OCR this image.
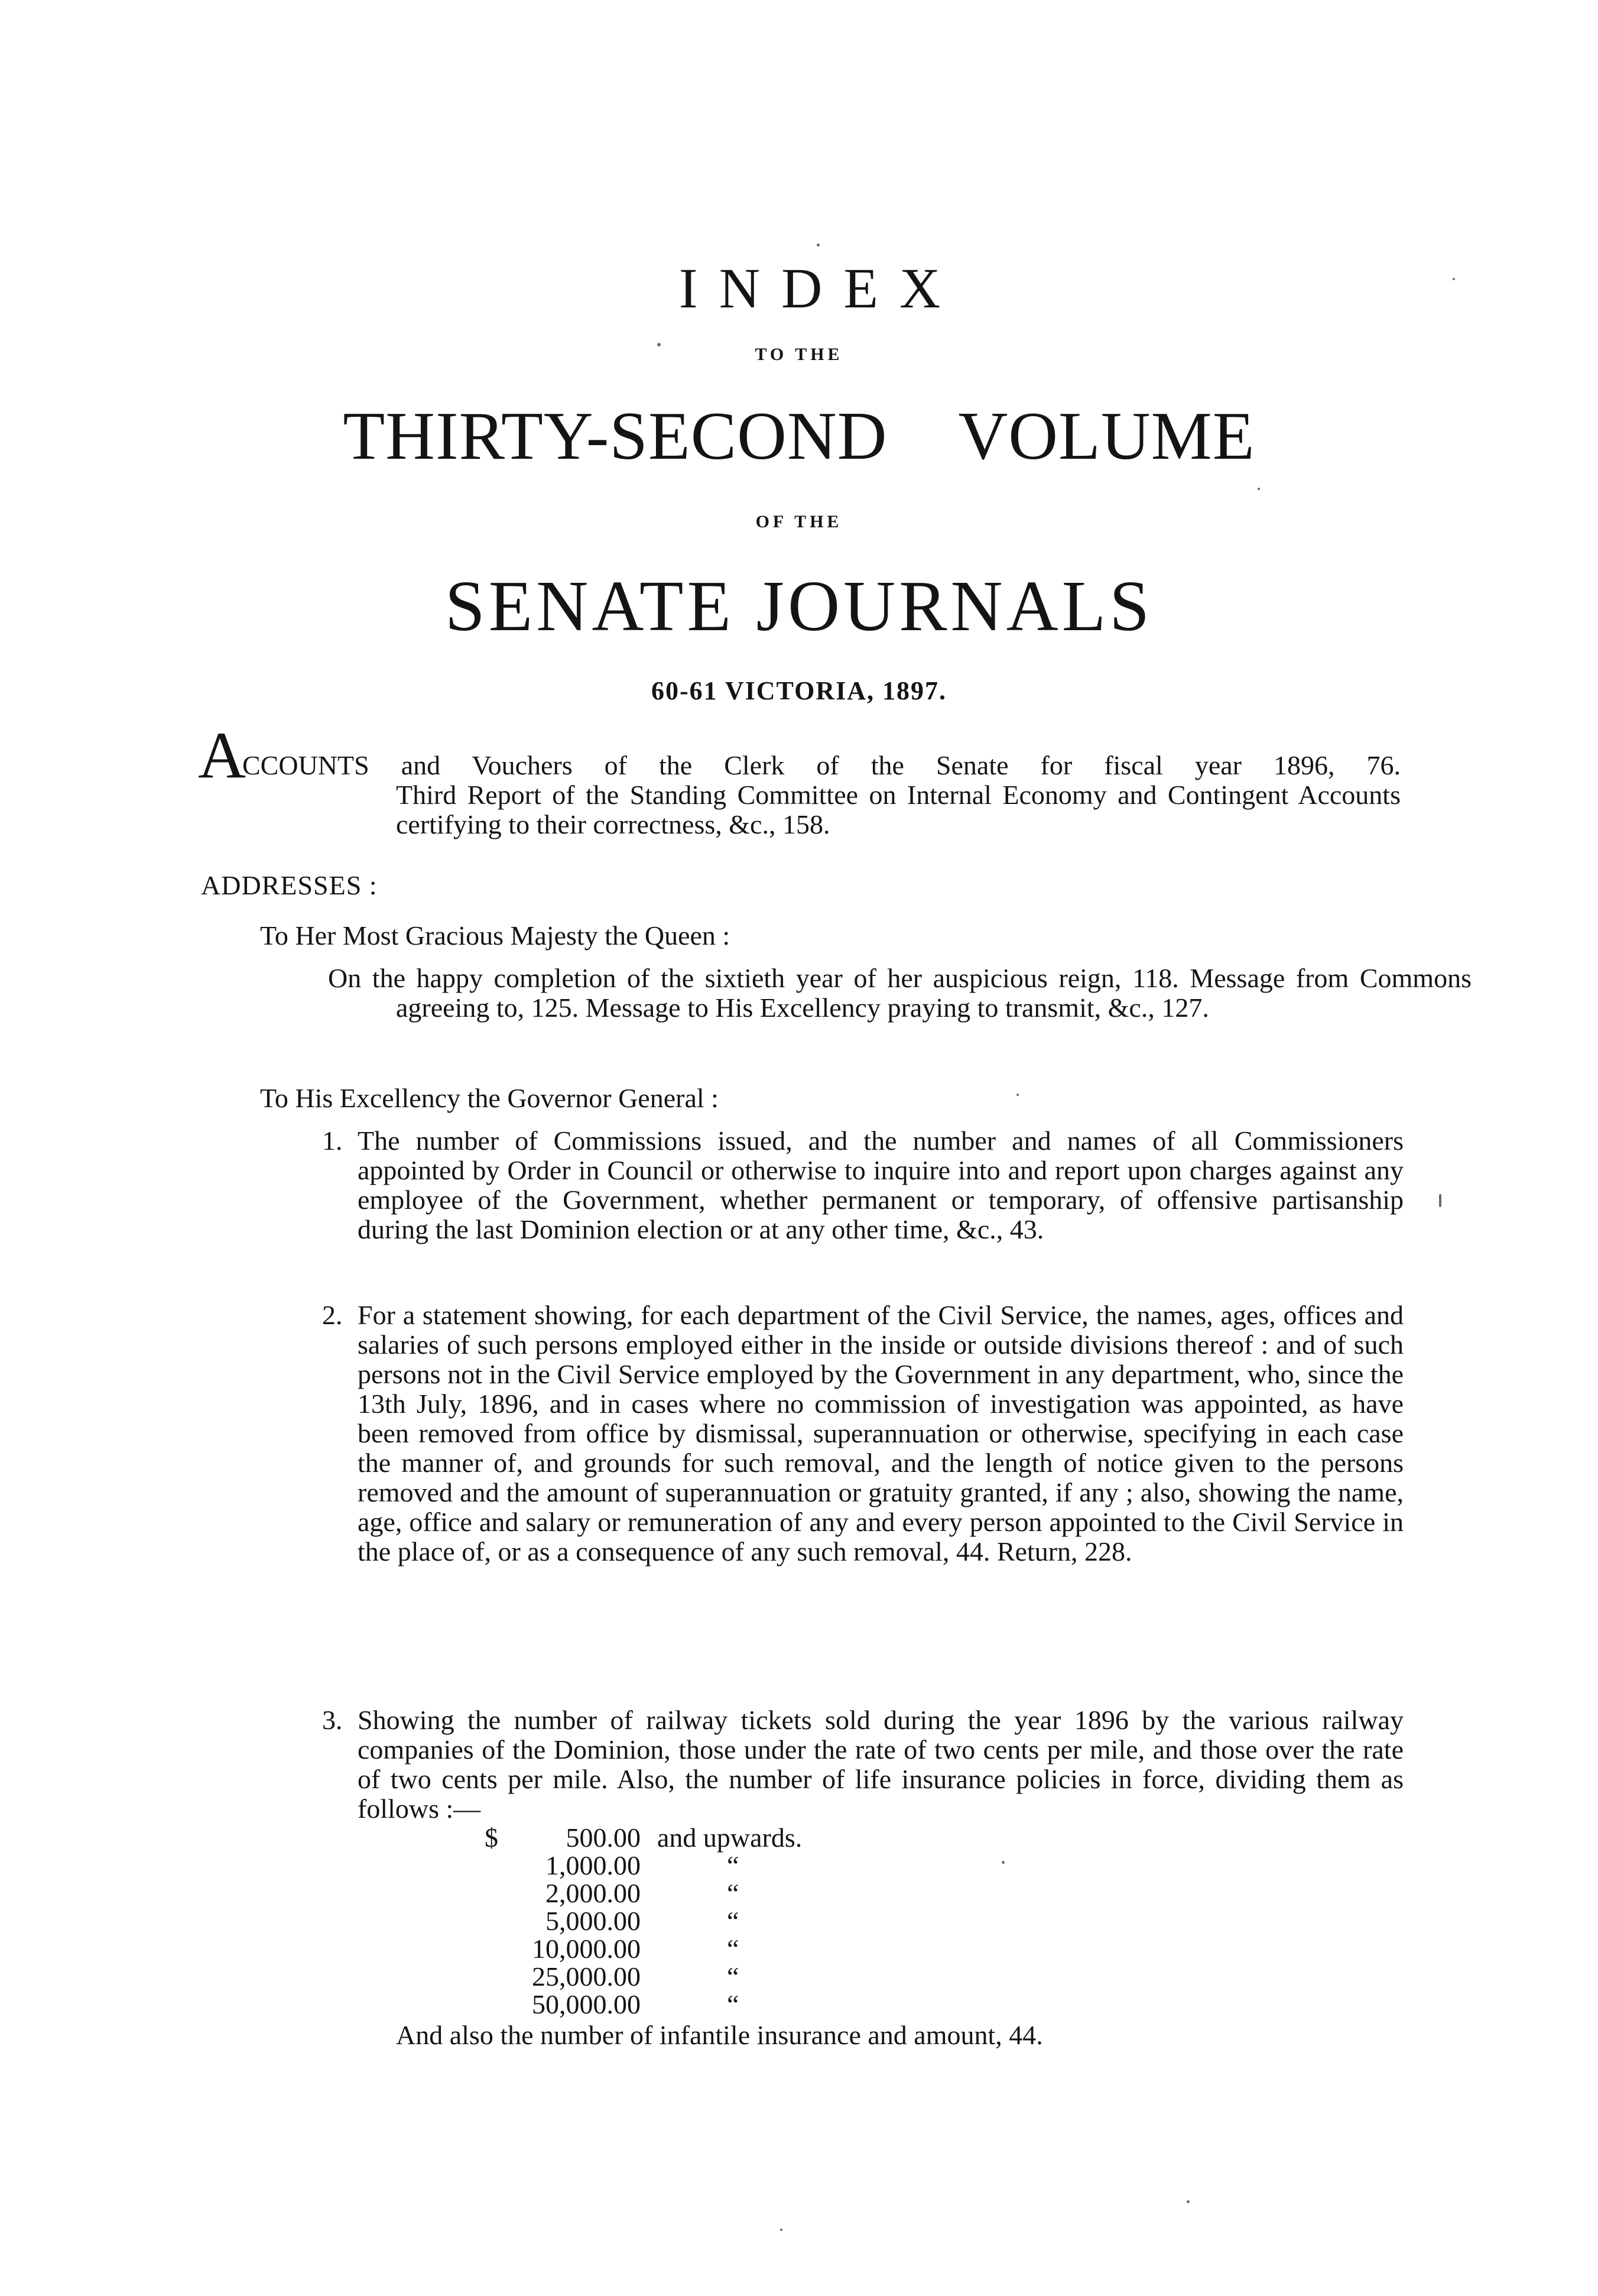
INDEX
TO THE
THIRTY-SECOND VOLUME
OF THE
SENATE JOURNALS
60-61 VICTORIA, 1897.
A
CCOUNTS and Vouchers of the Clerk of the Senate for fiscal year 1896, 76.
Third Report of the Standing Committee on Internal Economy and Contingent Accounts certifying to their correctness, &c., 158.
ADDRESSES :
To Her Most Gracious Majesty the Queen :
On the happy completion of the sixtieth year of her auspicious reign, 118. Message from Commons agreeing to, 125. Message to His Excellency praying to transmit, &c., 127.
To His Excellency the Governor General :
1. The number of Commissions issued, and the number and names of all Commissioners appointed by Order in Council or otherwise to inquire into and report upon charges against any employee of the Government, whether permanent or temporary, of offensive partisanship during the last Dominion election or at any other time, &c., 43.
2. For a statement showing, for each department of the Civil Service, the names, ages, offices and salaries of such persons employed either in the inside or outside divisions thereof : and of such persons not in the Civil Service employed by the Government in any department, who, since the 13th July, 1896, and in cases where no commission of investigation was appointed, as have been removed from office by dismissal, superannuation or otherwise, specifying in each case the manner of, and grounds for such removal, and the length of notice given to the persons removed and the amount of superannuation or gratuity granted, if any ; also, showing the name, age, office and salary or remuneration of any and every person appointed to the Civil Service in the place of, or as a consequence of any such removal, 44. Return, 228.
3. Showing the number of railway tickets sold during the year 1896 by the various railway companies of the Dominion, those under the rate of two cents per mile, and those over the rate of two cents per mile. Also, the number of life insurance policies in force, dividing them as follows :—
$	500.00 and upwards.
1,000.00	“
2,000.00	“
5,000.00	“
10,000.00	“
25,000.00	“
50,000.00	“
And also the number of infantile insurance and amount, 44.
